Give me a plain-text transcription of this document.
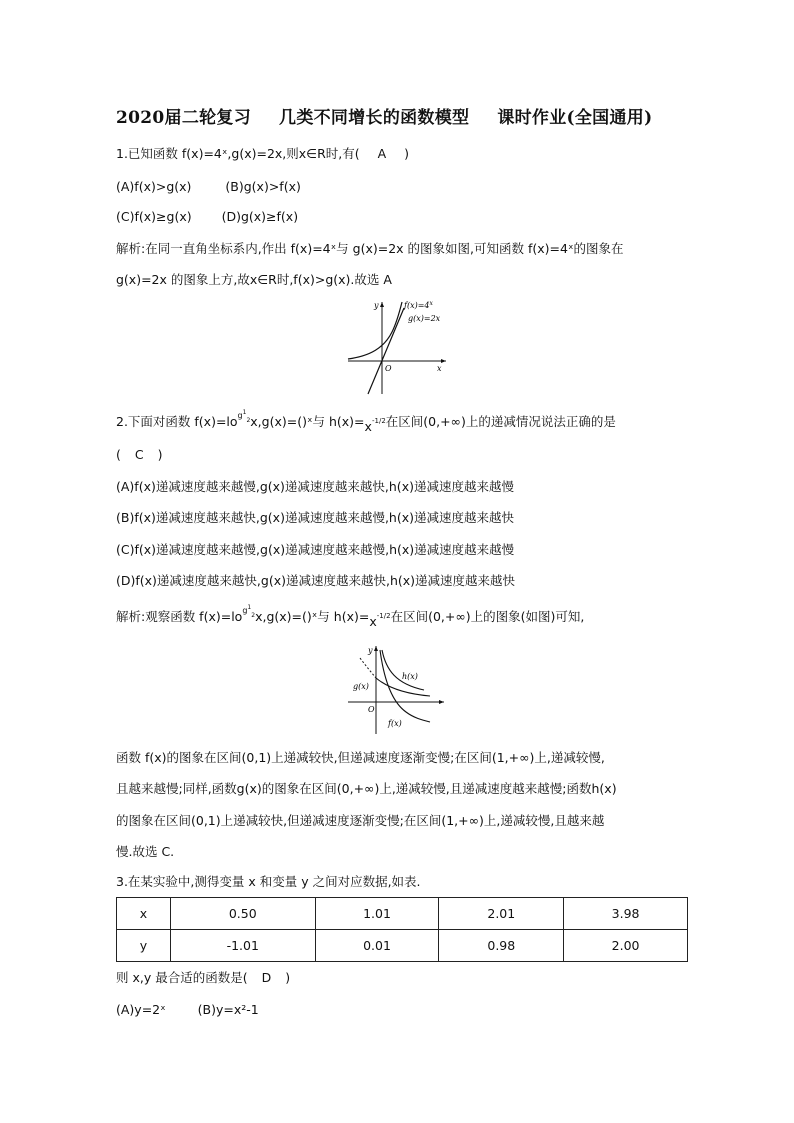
2020届二轮复习 几类不同增长的函数模型 课时作业(全国通用)
1.已知函数 f(x)=4ˣ,g(x)=2x,则x∈R时,有( A )
(A)f(x)>g(x)	(B)g(x)>f(x)
(C)f(x)≥g(x) (D)g(x)≥f(x)
解析:在同一直角坐标系内,作出 f(x)=4ˣ与 g(x)=2x 的图象如图,可知函数 f(x)=4ˣ的图象在
g(x)=2x 的图象上方,故x∈R时,f(x)>g(x).故选 A
$f(x)=4^x$
g(x)=2x
y
x
O
2.下面对函数 $f(x)=lo^{g12}x,g(x)=()ˣ$与 $h(x)=x^{-1/2}$在区间(0,+∞)上的递减情况说法正确的是
( C )
(A)f(x)递减速度越来越慢,g(x)递减速度越来越快,h(x)递减速度越来越慢
(B)f(x)递减速度越来越快,g(x)递减速度越来越慢,h(x)递减速度越来越快
(C)f(x)递减速度越来越慢,g(x)递减速度越来越慢,h(x)递减速度越来越慢
(D)f(x)递减速度越来越快,g(x)递减速度越来越快,h(x)递减速度越来越快
解析:观察函数 $f(x)=lo^{g12}x,g(x)=()ˣ$与 $h(x)=x^{-1/2}$在区间(0,+∞)上的图象(如图)可知,
y
h(x)
g(x)
O
f(x)
函数 f(x)的图象在区间(0,1)上递减较快,但递减速度逐渐变慢;在区间(1,+∞)上,递减较慢,
且越来越慢;同样,函数g(x)的图象在区间(0,+∞)上,递减较慢,且递减速度越来越慢;函数h(x)
的图象在区间(0,1)上递减较快,但递减速度逐渐变慢;在区间(1,+∞)上,递减较慢,且越来越
慢.故选 C.
3.在某实验中,测得变量 x 和变量 y 之间对应数据,如表.
x	0.50	1.01	2.01	3.98
y	-1.01	0.01	0.98	2.00
则 x,y 最合适的函数是( D )
(A)y=2ˣ	(B)y=x²-1
